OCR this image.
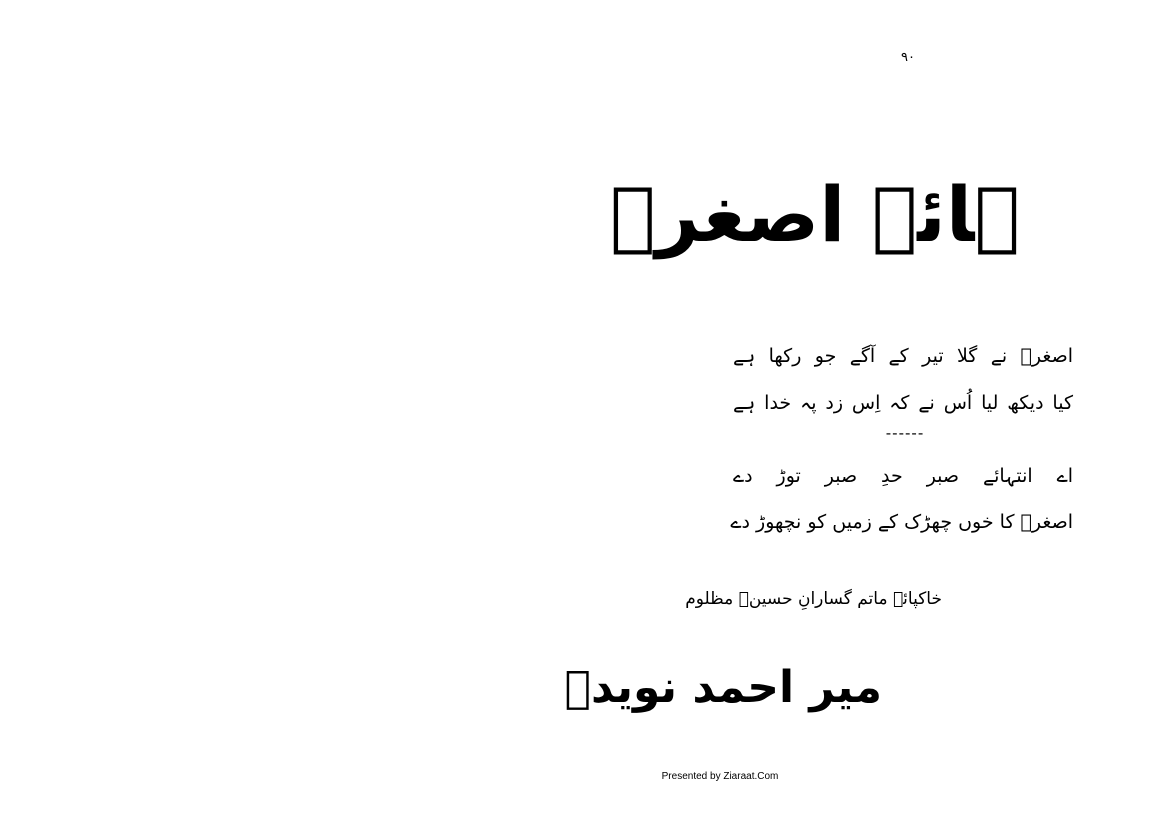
۹۰
ہائے اصغرؑ
اصغرؑ نے گلا تیر کے آگے جو رکھا ہے
کیا دیکھ لیا اُس نے کہ اِس زد پہ خدا ہے
------
اے انتہائے صبر حدِ صبر توڑ دے
اصغرؑ کا خوں چھڑک کے زمیں کو نچھوڑ دے
خاکپائے ماتم گسارانِ حسینؑ مظلوم
میر احمد نویدؔ
Presented by Ziaraat.Com
